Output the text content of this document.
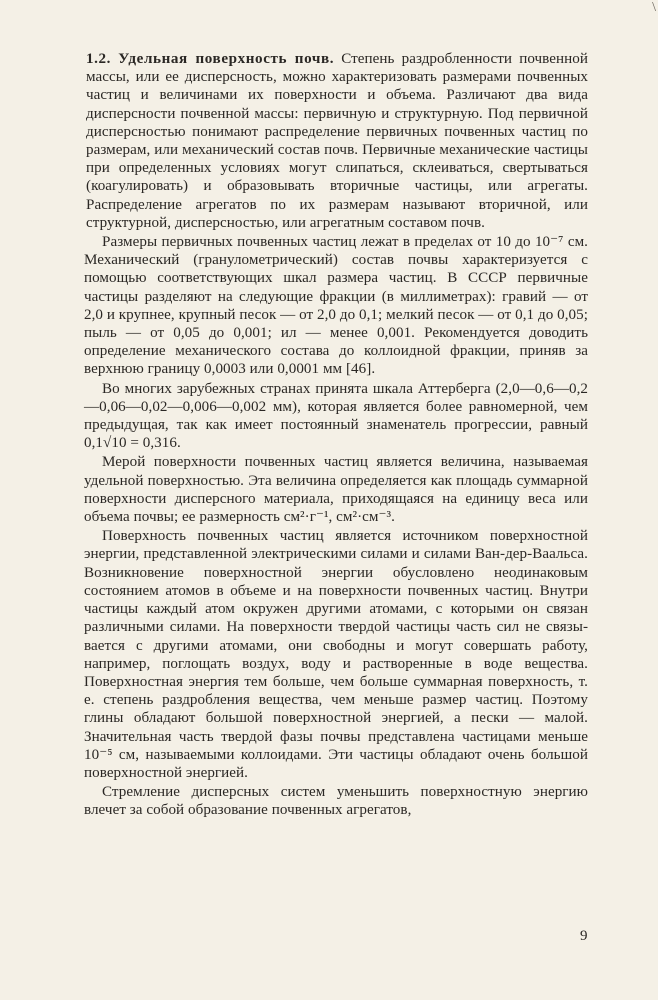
\

1.2. Удельная поверхность почв. Степень раздробленности почвенной массы, или ее дисперсность, можно характеризовать размерами почвенных частиц и величинами их поверхности и объема. Различают два вида дисперсности почвенной массы: первичную и структурную. Под первичной дисперсностью понимают распределение первичных почвенных частиц по размерам, или механический состав почв. Первичные механические частицы при определенных условиях могут слипаться, склеиваться, свертываться (коагулировать) и образовывать вторичные частицы, или агрегаты. Распределение агрегатов по их размерам называют вторичной, или структурной, дисперсностью, или агрегатным составом почв.

Размеры первичных почвенных частиц лежат в пределах от 10 до 10⁻⁷ см. Механический (гранулометрический) состав почвы характеризуется с помощью соответствующих шкал размера частиц. В СССР первичные частицы разделяют на следующие фракции (в миллиметрах): гравий — от 2,0 и крупнее, крупный песок — от 2,0 до 0,1; мелкий песок — от 0,1 до 0,05; пыль — от 0,05 до 0,001; ил — менее 0,001. Рекомендуется доводить определение механического состава до коллоидной фракции, приняв за верхнюю границу 0,0003 или 0,0001 мм [46].

Во многих зарубежных странах принята шкала Аттерберга (2,0—0,6—0,2—0,06—0,02—0,006—0,002 мм), которая является более равномерной, чем предыдущая, так как имеет постоянный знаменатель прогрессии, равный 0,1√10 = 0,316.

Мерой поверхности почвенных частиц является величина, называемая удельной поверхностью. Эта величина определяется как площадь суммарной поверхности дисперсного материала, приходящаяся на единицу веса или объема почвы; ее размерность см²·г⁻¹, см²·см⁻³.

Поверхность почвенных частиц является источником поверхностной энергии, представленной электрическими силами и силами Ван-дер-Ваальса. Возникновение поверхностной энергии обусловлено неодинаковым состоянием атомов в объеме и на поверхности почвенных частиц. Внутри частицы каждый атом окружен другими атомами, с которыми он связан различными силами. На поверхности твердой частицы часть сил не связывается с другими атомами, они свободны и могут совершать работу, например, поглощать воздух, воду и растворенные в воде вещества. Поверхностная энергия тем больше, чем больше суммарная поверхность, т. е. степень раздробления вещества, чем меньше размер частиц. Поэтому глины обладают большой поверхностной энергией, а пески — малой. Значительная часть твердой фазы почвы представлена частицами меньше 10⁻⁵ см, называемыми коллоидами. Эти частицы обладают очень большой поверхностной энергией.

Стремление дисперсных систем уменьшить поверхностную энергию влечет за собой образование почвенных агрегатов,

9
